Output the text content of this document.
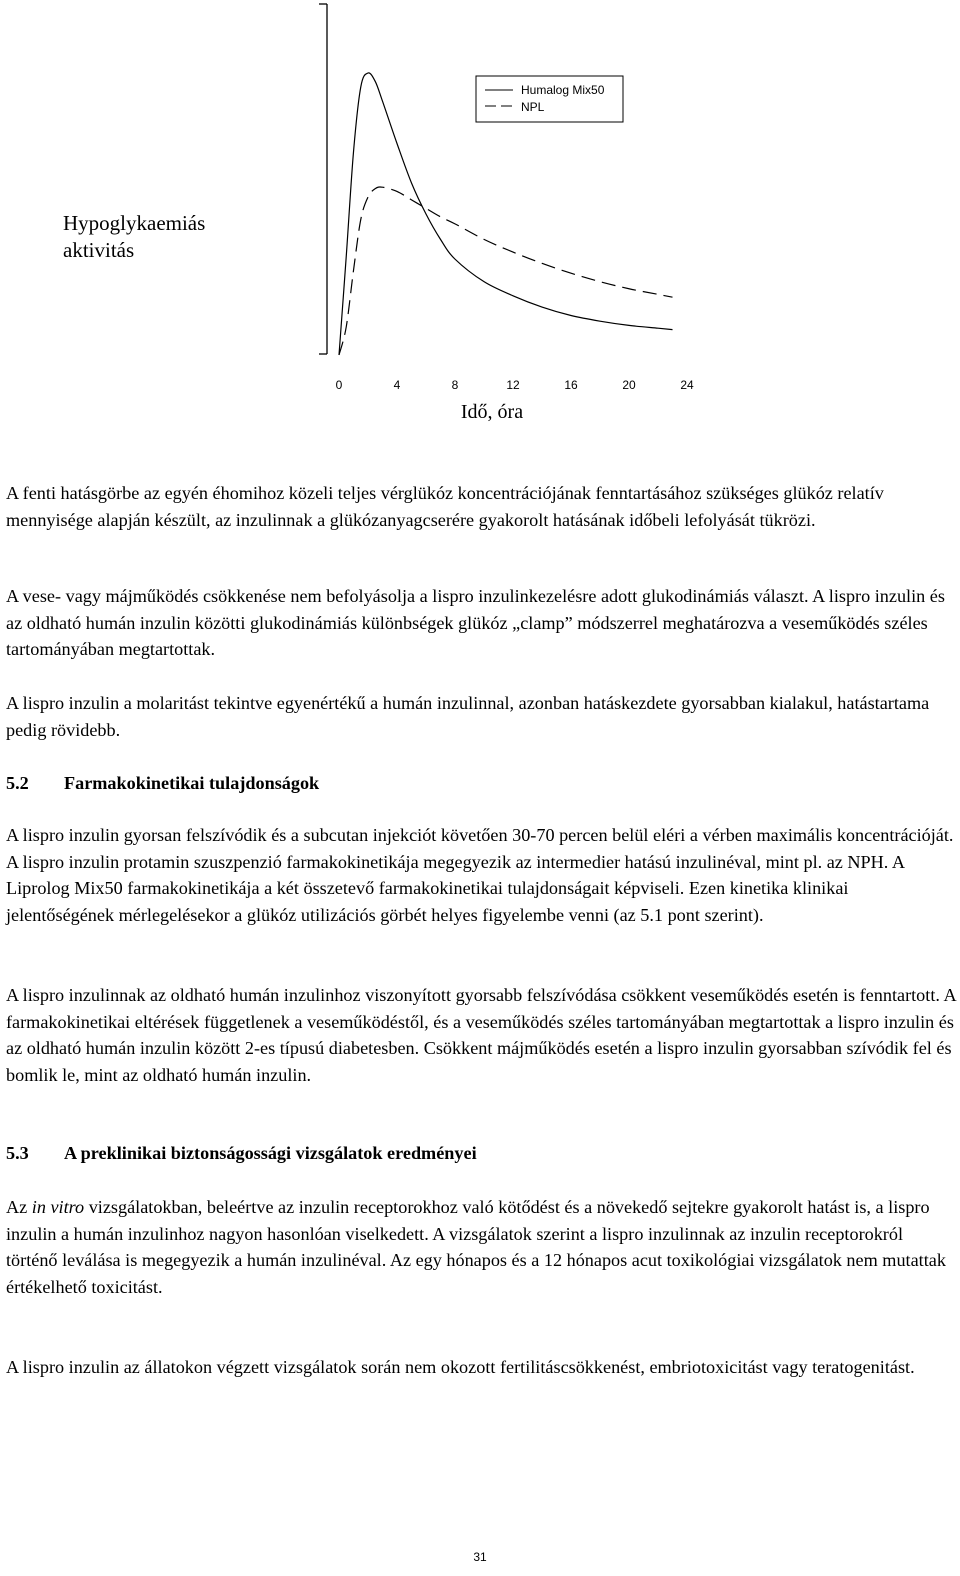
Hypoglykaemiás aktivitás
0	4	8	12	16	20	24
Idő, óra
Humalog Mix50
NPL

A fenti hatásgörbe az egyén éhomihoz közeli teljes vérglükóz koncentrációjának fenntartásához szükséges glükóz relatív mennyisége alapján készült, az inzulinnak a glükózanyagcserére gyakorolt hatásának időbeli lefolyását tükrözi.

A vese- vagy májműködés csökkenése nem befolyásolja a lispro inzulinkezelésre adott glukodinámiás választ. A lispro inzulin és az oldható humán inzulin közötti glukodinámiás különbségek glükóz „clamp” módszerrel meghatározva a veseműködés széles tartományában megtartottak.

A lispro inzulin a molaritást tekintve egyenértékű a humán inzulinnal, azonban hatáskezdete gyorsabban kialakul, hatástartama pedig rövidebb.

5.2 Farmakokinetikai tulajdonságok

A lispro inzulin gyorsan felszívódik és a subcutan injekciót követően 30-70 percen belül eléri a vérben maximális koncentrációját. A lispro inzulin protamin szuszpenzió farmakokinetikája megegyezik az intermedier hatású inzulinéval, mint pl. az NPH. A Liprolog Mix50 farmakokinetikája a két összetevő farmakokinetikai tulajdonságait képviseli. Ezen kinetika klinikai jelentőségének mérlegelésekor a glükóz utilizációs görbét helyes figyelembe venni (az 5.1 pont szerint).

A lispro inzulinnak az oldható humán inzulinhoz viszonyított gyorsabb felszívódása csökkent veseműködés esetén is fenntartott. A farmakokinetikai eltérések függetlenek a veseműködéstől, és a veseműködés széles tartományában megtartottak a lispro inzulin és az oldható humán inzulin között 2-es típusú diabetesben. Csökkent májműködés esetén a lispro inzulin gyorsabban szívódik fel és bomlik le, mint az oldható humán inzulin.

5.3 A preklinikai biztonságossági vizsgálatok eredményei

Az in vitro vizsgálatokban, beleértve az inzulin receptorokhoz való kötődést és a növekedő sejtekre gyakorolt hatást is, a lispro inzulin a humán inzulinhoz nagyon hasonlóan viselkedett. A vizsgálatok szerint a lispro inzulinnak az inzulin receptorokról történő leválása is megegyezik a humán inzulinéval. Az egy hónapos és a 12 hónapos acut toxikológiai vizsgálatok nem mutattak értékelhető toxicitást.

A lispro inzulin az állatokon végzett vizsgálatok során nem okozott fertilitáscsökkenést, embriotoxicitást vagy teratogenitást.

31
